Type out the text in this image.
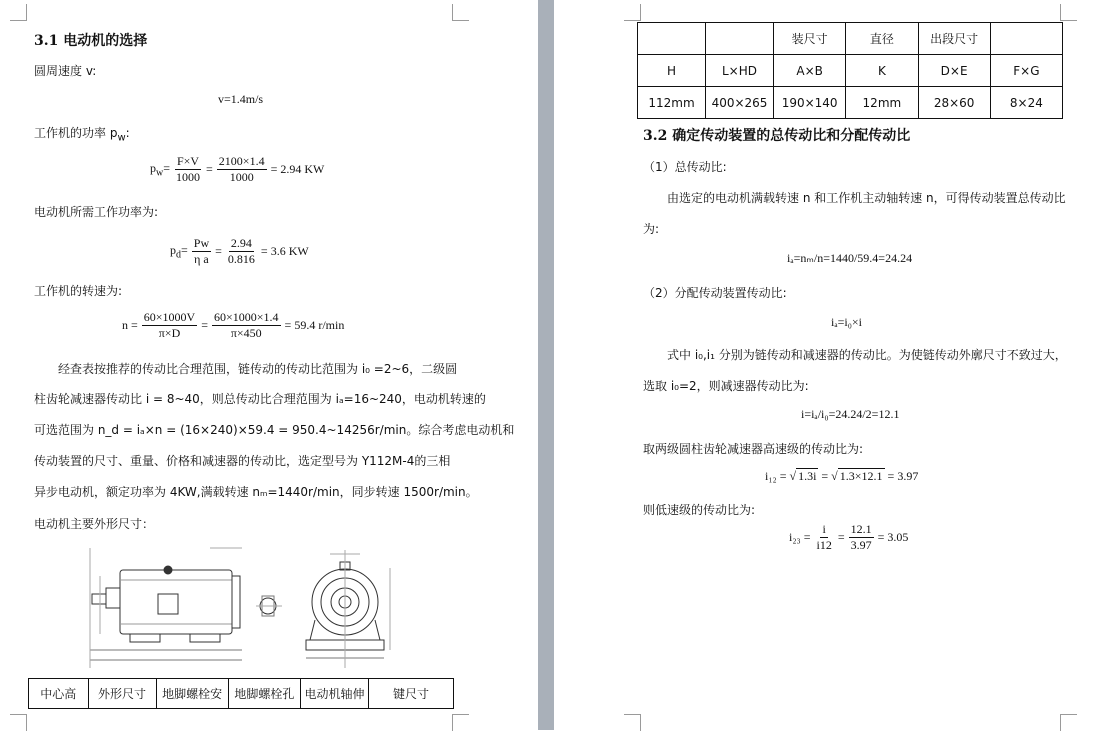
3.1 电动机的选择
圆周速度 v:
v=1.4m/s
工作机的功率 $p_w$:
$p_w= \frac{F\times V}{1000} = \frac{2100\times 1.4}{1000} = 2.94$ KW
电动机所需工作功率为:
$p_d= \frac{Pw}{\text{η a}} = \frac{2.94}{0.816} = 3.6$ KW
工作机的转速为:
$n = \frac{60\times 1000V}{\pi\times D} = \frac{60\times 1000\times 1.4}{\pi\times 450} = 59.4$ r/min
经查表按推荐的传动比合理范围，链传动的传动比范围为 i₀ =2~6，二级圆
柱齿轮减速器传动比 i = 8~40，则总传动比合理范围为 iₐ=16~240，电动机转速的
可选范围为 n_d = iₐ×n = (16×240)×59.4 = 950.4~14256r/min。综合考虑电动机和
传动装置的尺寸、重量、价格和减速器的传动比，选定型号为 Y112M-4的三相
异步电动机，额定功率为 4KW,满载转速 nₘ=1440r/min，同步转速 1500r/min。
电动机主要外形尺寸：
中心高	外形尺寸	地脚螺栓安	地脚螺栓孔	电动机轴伸	键尺寸
		装尺寸	直径	出段尺寸	
H	L×HD	A×B	K	D×E	F×G
112mm	400×265	190×140	12mm	28×60	8×24
3.2 确定传动装置的总传动比和分配传动比
（1）总传动比:
由选定的电动机满载转速 n 和工作机主动轴转速 n，可得传动装置总传动比
为:
iₐ=nₘ/n=1440/59.4=24.24
（2）分配传动装置传动比:
iₐ=i₀×i
式中 i₀,i₁ 分别为链传动和减速器的传动比。为使链传动外廓尺寸不致过大，
选取 i₀=2，则减速器传动比为:
i=iₐ/i₀=24.24/2=12.1
取两级圆柱齿轮减速器高速级的传动比为:
i₁₂ = √ 1.3i = √ 1.3×12.1 = 3.97
则低速级的传动比为:
$i_{23} = \frac{i}{i12} = \frac{12.1}{3.97} = 3.05$
